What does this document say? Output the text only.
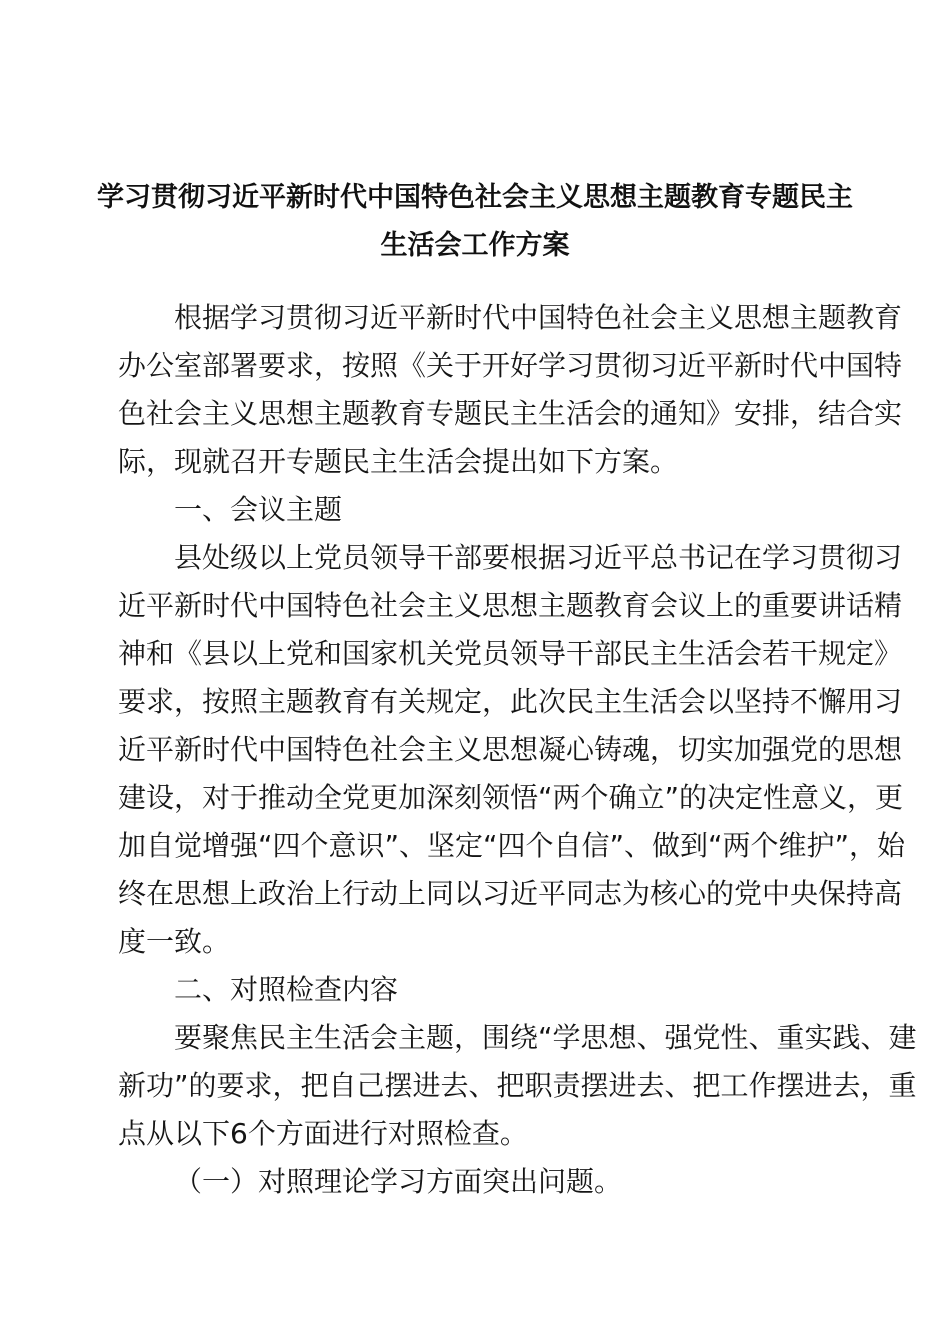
学习贯彻习近平新时代中国特色社会主义思想主题教育专题民主
生活会工作方案
根据学习贯彻习近平新时代中国特色社会主义思想主题教育
办公室部署要求，按照《关于开好学习贯彻习近平新时代中国特
色社会主义思想主题教育专题民主生活会的通知》安排，结合实
际，现就召开专题民主生活会提出如下方案。
一、会议主题
县处级以上党员领导干部要根据习近平总书记在学习贯彻习
近平新时代中国特色社会主义思想主题教育会议上的重要讲话精
神和《县以上党和国家机关党员领导干部民主生活会若干规定》
要求，按照主题教育有关规定，此次民主生活会以坚持不懈用习
近平新时代中国特色社会主义思想凝心铸魂，切实加强党的思想
建设，对于推动全党更加深刻领悟“两个确立”的决定性意义，更
加自觉增强“四个意识”、坚定“四个自信”、做到“两个维护”，始
终在思想上政治上行动上同以习近平同志为核心的党中央保持高
度一致。
二、对照检查内容
要聚焦民主生活会主题，围绕“学思想、强党性、重实践、建
新功”的要求，把自己摆进去、把职责摆进去、把工作摆进去，重
点从以下6个方面进行对照检查。
（一）对照理论学习方面突出问题。
